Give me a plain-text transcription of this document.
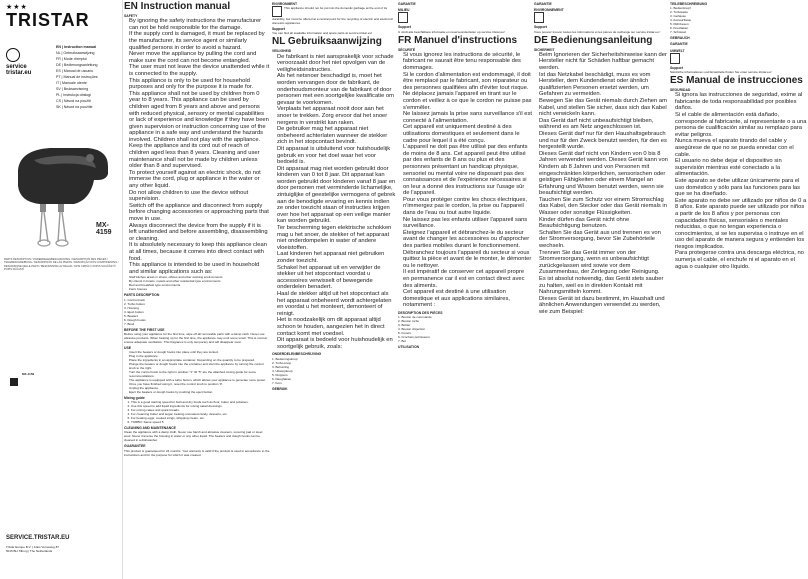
★★★
TRISTAR
service
tristar.eu
EN | Instruction manual
NL | Gebruiksaanwijzing
FR | Mode d'emploi
DE | Bedienungsanleitung
ES | Manual de usuario
PT | Manual de instruções
IT | Manuale utente
SV | Bruksanvisning
PL | Instrukcja obsługi
CS | Návod na použití
SK | Návod na použitie
MX-4159
PARTS DESCRIPTION / ONDERDELENBESCHRIJVING / DESCRIPTION DES PIÈCES / TEILEBESCHREIBUNG / DESCRIPCIÓN DE LAS PIEZAS / DESCRIÇÃO DOS COMPONENTES / DESCRIZIONE DELLE PARTI / BESKRIVNING AV DELAR / OPIS CZĘŚCI / POPIS SOUČÁSTÍ / POPIS SÚČASTÍ
MX-4159
SERVICE.TRISTAR.EU
Tristar Europe B.V. | Jules Verneweg 87
5015 BH Tilburg | The Netherlands
EN Instruction manual
SAFETY
• By ignoring the safety instructions the manufacturer can not be hold responsible for the damage.
• If the supply cord is damaged, it must be replaced by the manufacturer, its service agent or similarly qualified persons in order to avoid a hazard.
• Never move the appliance by pulling the cord and make sure the cord can not become entangled.
• The user must not leave the device unattended while it is connected to the supply.
• This appliance is only to be used for household purposes and only for the purpose it is made for.
• This appliance shall not be used by children from 0 year to 8 years. This appliance can be used by children aged from 8 years and above and persons with reduced physical, sensory or mental capabilities or lack of experience and knowledge if they have been given supervision or instruction concerning use of the appliance in a safe way and understand the hazards involved. Children shall not play with the appliance. Keep the appliance and its cord out of reach of children aged less than 8 years. Cleaning and user maintenance shall not be made by children unless older than 8 and supervised.
• To protect yourself against an electric shock, do not immerse the cord, plug or appliance in the water or any other liquid.
• Do not allow children to use the device without supervision.
• Switch off the appliance and disconnect from supply before changing accessories or approaching parts that move in use.
• Always disconnect the device from the supply if it is left unattended and before assembling, disassembling or cleaning.
• It is absolutely necessary to keep this appliance clean at all times, because it comes into direct contact with food.
• This appliance is intended to be used in household and similar applications such as:
• Staff kitchen areas in shops, offices and other working environments
• By clients in hotels, motels and other residential type environments
• Bed and breakfast type environments
• Farm houses
PARTS DESCRIPTION
1. Control knob
2. Turbo button
3. Housing
4. Eject button
5. Beaters
6. Dough hooks
7. Bowl
BEFORE THE FIRST USE
Before using your appliance for the first time, wipe off all removable parts with a damp cloth. Never use abrasive products. When heating up for the first time, the appliance may emit some smell. This is normal, ensure adequate ventilation. This fragrance is only temporary and will disappear soon.
USE
• Insert the beaters or dough hooks into place until they are locked.
• Plug in the appliance.
• Place the ingredients in an appropriate container. Depending on the quantity to be prepared.
• Plunge the beaters or dough hooks into the container and start the appliance by turning the control knob to the right.
• Turn the control knob to the right in position "1" till "5" are the attached mixing guide for some recommendations.
• The appliance is equipped with a turbo button, which allows your appliance to generate more power.
• Once you have finished using it, reset the control knob to position '0'.
• Unplug the appliance.
• Eject the beaters or dough hooks by pushing the eject button.
Mixing guide
1. This is a good starting speed for built and dry foods such as flour, butter and potatoes.
2. Use this speed to add liquid ingredients for mixing salad dressings.
3. For mixing cakes and quick breads.
4. For creaming butter and sugar, beating uncooked candy, desserts, etc.
5. For beating eggs, cooked icings, whipping cream, etc.
6. TURBO: Same speed 5
CLEANING AND MAINTENANCE
Clean the appliance with a damp cloth. Never use harsh and abrasive cleaners, scouring pad or steel wool. Never immerse the housing in water or any other liquid. The beaters and dough hooks can be cleaned in a dishwasher.
GUARANTEE
This product is guaranteed for 24 months. Your warranty is valid if the product is used in accordance to the instructions and for the purpose for which it was created.
ENVIRONMENT
This appliance should not be put into the domestic garbage at the end of its durability, but must be offered at a central point for the recycling of electric and electronic domestic appliances.
Support
You can find all available information and spare parts at service.tristar.eu!
NL Gebruiksaanwijzing
VEILIGHEID
• De fabrikant is niet aansprakelijk voor schade veroorzaakt door het niet opvolgen van de veiligheidsinstructies.
• Als het netsnoer beschadigd is, moet het worden vervangen door de fabrikant, de onderhoudsmonteur van de fabrikant of door personen met een soortgelijke kwalificatie om gevaar te voorkomen.
• Verplaats het apparaat nooit door aan het snoer te trekken. Zorg ervoor dat het snoer nergens in verstrikt kan raken.
• De gebruiker mag het apparaat niet onbeheerd achterlaten wanneer de stekker zich in het stopcontact bevindt.
• Dit apparaat is uitsluitend voor huishoudelijk gebruik en voor het doel waar het voor bedoeld is.
• Dit apparaat mag niet worden gebruikt door kinderen van 0 tot 8 jaar. Dit apparaat kan worden gebruikt door kinderen vanaf 8 jaar en door personen met verminderde lichamelijke, zintuiglijke of geestelijke vermogens of gebrek aan de benodigde ervaring en kennis indien ze onder toezicht staan of instructies krijgen over hoe het apparaat op een veilige manier kan worden gebruikt.
• Ter bescherming tegen elektrische schokken mag u het snoer, de stekker of het apparaat niet onderdompelen in water of andere vloeistoffen.
• Laat kinderen het apparaat niet gebruiken zonder toezicht.
• Schakel het apparaat uit en verwijder de stekker uit het stopcontact voordat u accessoires verwisselt of bewegende onderdelen benadert.
• Haal de stekker altijd uit het stopcontact als het apparaat onbeheerd wordt achtergelaten en voordat u het monteert, demonteert of reinigt.
• Het is noodzakelijk om dit apparaat altijd schoon te houden, aangezien het in direct contact komt met voedsel.
• Dit apparaat is bedoeld voor huishoudelijk en soortgelijk gebruik, zoals:
ONDERDELENBESCHRIJVING
1. Bedieningsknop
2. Turbo-knop
3. Behuizing
4. Uitwerpknop
5. Kloppers
6. Deeghaken
7. Kom
GEBRUIK
GARANTIE
MILIEU
Support
U vindt alle beschikbare informatie en reserveonderdelen op service.tristar.eu!
FR Manuel d'instructions
SÉCURITÉ
• Si vous ignorez les instructions de sécurité, le fabricant ne saurait être tenu responsable des dommages.
• Si le cordon d'alimentation est endommagé, il doit être remplacé par le fabricant, son réparateur ou des personnes qualifiées afin d'éviter tout risque.
• Ne déplacez jamais l'appareil en tirant sur le cordon et veillez à ce que le cordon ne puisse pas s'emmêler.
• Ne laissez jamais la prise sans surveillance s'il est connecté à l'alimentation.
• Cet appareil est uniquement destiné à des utilisations domestiques et seulement dans le cadre pour lequel il a été conçu.
• L'appareil ne doit pas être utilisé par des enfants de moins de 8 ans. Cet appareil peut être utilisé par des enfants de 8 ans ou plus et des personnes présentant un handicap physique, sensoriel ou mental voire ne disposant pas des connaissances et de l'expérience nécessaires si on leur a donné des instructions sur l'usage sûr de l'appareil.
• Pour vous protéger contre les chocs électriques, n'immergez pas le cordon, la prise ou l'appareil dans de l'eau ou tout autre liquide.
• Ne laissez pas les enfants utiliser l'appareil sans surveillance.
• Éteignez l'appareil et débranchez-le du secteur avant de changer les accessoires ou d'approcher des parties mobiles durant le fonctionnement.
• Débranchez toujours l'appareil du secteur si vous quittez la pièce et avant de le monter, le démonter ou le nettoyer.
• Il est impératif de conserver cet appareil propre en permanence car il est en contact direct avec des aliments.
• Cet appareil est destiné à une utilisation domestique et aux applications similaires, notamment :
DESCRIPTION DES PIÈCES
1. Bouton de commande
2. Bouton turbo
3. Boîtier
4. Bouton d'éjection
5. Fouets
6. Crochets pétrisseurs
7. Bol
UTILISATION
GARANTIE
ENVIRONNEMENT
Support
Vous pouvez trouver toutes les informations et les pièces de rechange sur service.tristar.eu !
DE Bedienungsanleitung
SICHERHEIT
• Beim Ignorieren der Sicherheitshinweise kann der Hersteller nicht für Schäden haftbar gemacht werden.
• Ist das Netzkabel beschädigt, muss es vom Hersteller, dem Kundendienst oder ähnlich qualifizierten Personen ersetzt werden, um Gefahren zu vermeiden.
• Bewegen Sie das Gerät niemals durch Ziehen am Kabel, und stellen Sie sicher, dass sich das Kabel nicht verwickeln kann.
• Das Gerät darf nicht unbeaufsichtigt bleiben, während es am Netz angeschlossen ist.
• Dieses Gerät darf nur für den Haushaltsgebrauch und nur für den Zweck benutzt werden, für den es hergestellt wurde.
• Dieses Gerät darf nicht von Kindern von 0 bis 8 Jahren verwendet werden. Dieses Gerät kann von Kindern ab 8 Jahren und von Personen mit eingeschränkten körperlichen, sensorischen oder geistigen Fähigkeiten oder einem Mangel an Erfahrung und Wissen benutzt werden, wenn sie beaufsichtigt werden.
• Tauchen Sie zum Schutz vor einem Stromschlag das Kabel, den Stecker oder das Gerät niemals in Wasser oder sonstige Flüssigkeiten.
• Kinder dürfen das Gerät nicht ohne Beaufsichtigung benutzen.
• Schalten Sie das Gerät aus und trennen es von der Stromversorgung, bevor Sie Zubehörteile wechseln.
• Trennen Sie das Gerät immer von der Stromversorgung, wenn es unbeaufsichtigt zurückgelassen wird sowie vor dem Zusammenbau, der Zerlegung oder Reinigung.
• Es ist absolut notwendig, das Gerät stets sauber zu halten, weil es in direkten Kontakt mit Nahrungsmitteln kommt.
• Dieses Gerät ist dazu bestimmt, im Haushalt und ähnlichen Anwendungen verwendet zu werden, wie zum Beispiel:
TEILEBESCHREIBUNG
1. Bedienknopf
2. Turbotaste
3. Gehäuse
4. Auswurftaste
5. Rührbesen
6. Knethaken
7. Schüssel
GEBRAUCH
GARANTIE
UMWELT
Support
Sämtliche Informationen und Ersatzteile finden Sie unter service.tristar.eu!
ES Manual de instrucciones
SEGURIDAD
• Si ignora las instrucciones de seguridad, exime al fabricante de toda responsabilidad por posibles daños.
• Si el cable de alimentación está dañado, corresponde al fabricante, al representante o a una persona de cualificación similar su remplazo para evitar peligros.
• Nunca mueva el aparato tirando del cable y asegúrese de que no se pueda enredar con el cable.
• El usuario no debe dejar el dispositivo sin supervisión mientras esté conectado a la alimentación.
• Este aparato se debe utilizar únicamente para el uso doméstico y sólo para las funciones para las que se ha diseñado.
• Este aparato no debe ser utilizado por niños de 0 a 8 años. Este aparato puede ser utilizado por niños a partir de los 8 años y por personas con capacidades físicas, sensoriales o mentales reducidas, o que no tengan experiencia o conocimientos, si se les supervisa o instruye en el uso del aparato de manera segura y entienden los riesgos implicados.
• Para protegerse contra una descarga eléctrica, no sumerja el cable, el enchufe ni el aparato en el agua o cualquier otro líquido.
